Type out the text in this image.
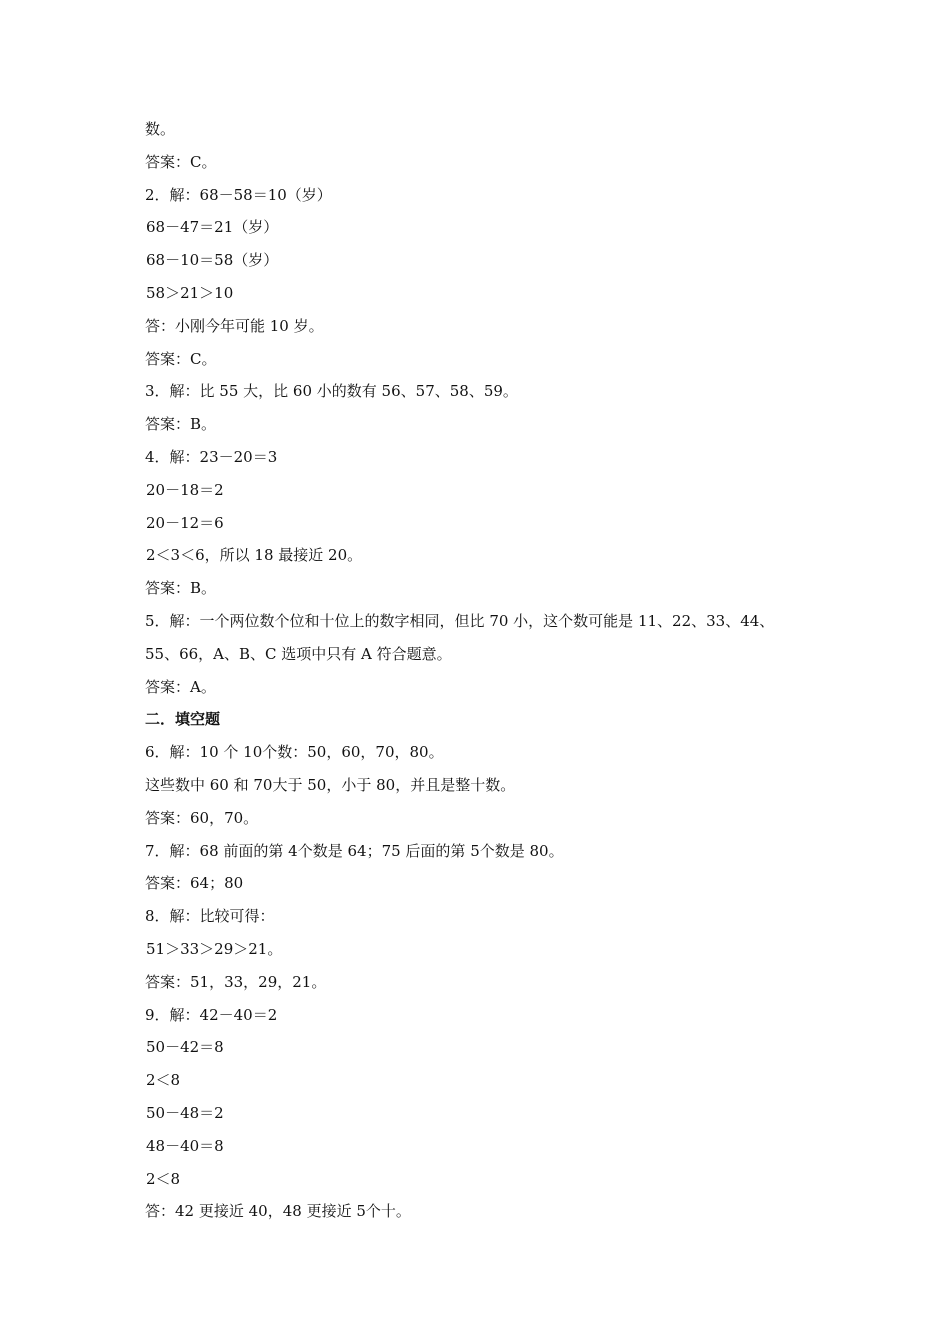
数。
答案：C。
2．解：68－58＝10（岁）
68－47＝21（岁）
68－10＝58（岁）
58＞21＞10
答：小刚今年可能 10 岁。
答案：C。
3．解：比 55 大，比 60 小的数有 56、57、58、59。
答案：B。
4．解：23－20＝3
20－18＝2
20－12＝6
2＜3＜6，所以 18 最接近 20。
答案：B。
5．解：一个两位数个位和十位上的数字相同，但比 70 小，这个数可能是 11、22、33、44、
55、66，A、B、C 选项中只有 A 符合题意。
答案：A。
二．填空题
6．解：10 个 10个数：50，60，70，80。
这些数中 60 和 70大于 50，小于 80，并且是整十数。
答案：60，70。
7．解：68 前面的第 4个数是 64；75 后面的第 5个数是 80。
答案：64；80
8．解：比较可得：
51＞33＞29＞21。
答案：51，33，29，21。
9．解：42－40＝2
50－42＝8
2＜8
50－48＝2
48－40＝8
2＜8
答：42 更接近 40，48 更接近 5个十。
